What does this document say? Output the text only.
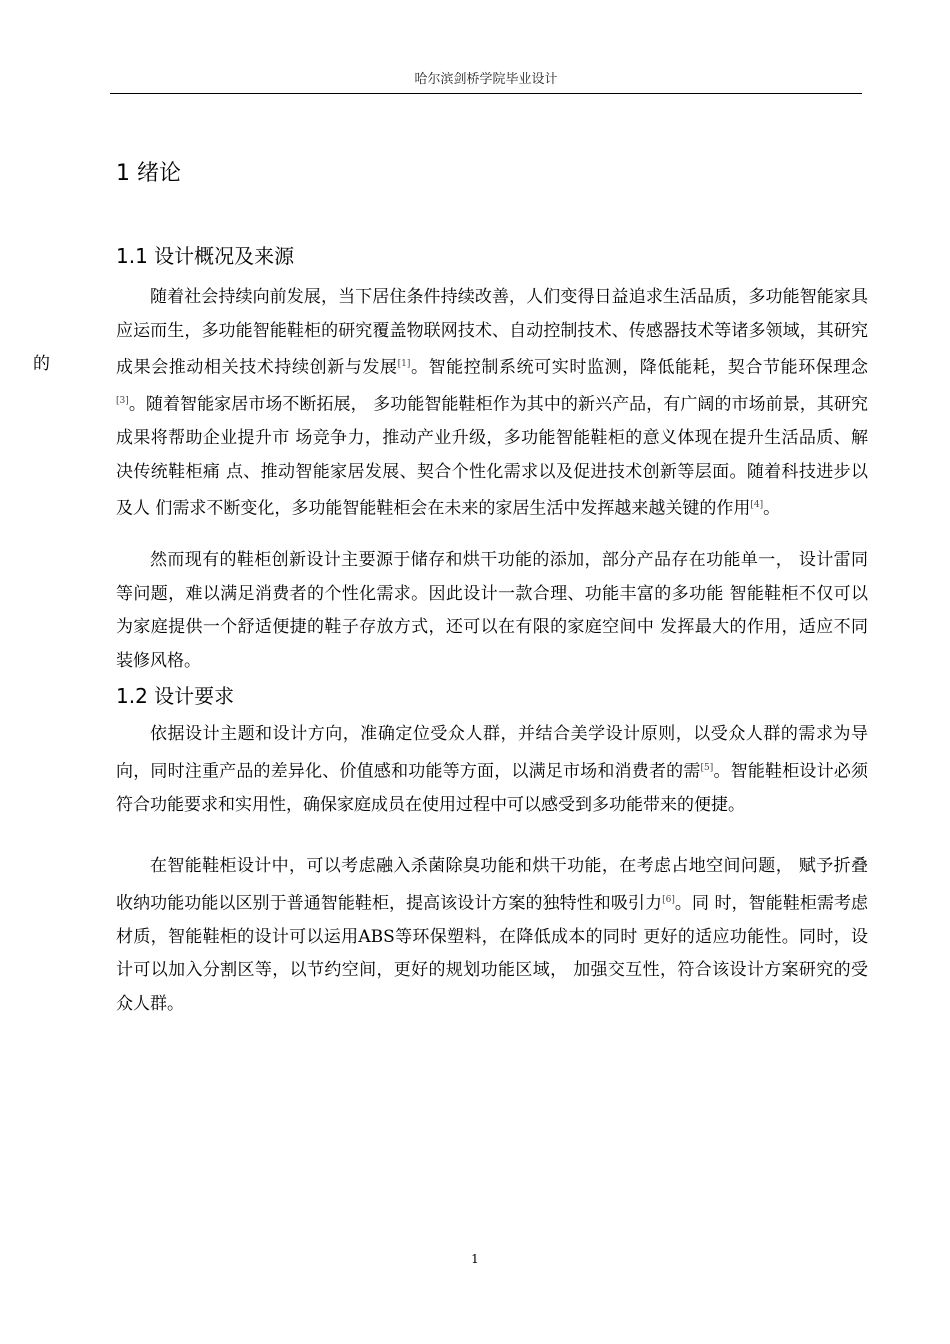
哈尔滨剑桥学院毕业设计
1 绪论
1.1 设计概况及来源
的

随着社会持续向前发展，当下居住条件持续改善，人们变得日益追求生活品质，多功能智能家具应运而生，多功能智能鞋柜的研究覆盖物联网技术、自动控制技术、传感器技术等诸多领域，其研究成果会推动相关技术持续创新与发展[1]。智能控制系统可实时监测，降低能耗，契合节能环保理念[3]。随着智能家居市场不断拓展， 多功能智能鞋柜作为其中的新兴产品，有广阔的市场前景，其研究成果将帮助企业提升市 场竞争力，推动产业升级，多功能智能鞋柜的意义体现在提升生活品质、解决传统鞋柜痛 点、推动智能家居发展、契合个性化需求以及促进技术创新等层面。随着科技进步以及人 们需求不断变化，多功能智能鞋柜会在未来的家居生活中发挥越来越关键的作用[4]。

然而现有的鞋柜创新设计主要源于储存和烘干功能的添加，部分产品存在功能单一， 设计雷同等问题，难以满足消费者的个性化需求。因此设计一款合理、功能丰富的多功能 智能鞋柜不仅可以为家庭提供一个舒适便捷的鞋子存放方式，还可以在有限的家庭空间中 发挥最大的作用，适应不同装修风格。

1.2 设计要求

依据设计主题和设计方向，准确定位受众人群，并结合美学设计原则，以受众人群的需求为导向，同时注重产品的差异化、价值感和功能等方面，以满足市场和消费者的需[5]。智能鞋柜设计必须符合功能要求和实用性，确保家庭成员在使用过程中可以感受到多功能带来的便捷。

在智能鞋柜设计中，可以考虑融入杀菌除臭功能和烘干功能，在考虑占地空间问题， 赋予折叠收纳功能功能以区别于普通智能鞋柜，提高该设计方案的独特性和吸引力[6]。同 时，智能鞋柜需考虑材质，智能鞋柜的设计可以运用ABS等环保塑料，在降低成本的同时 更好的适应功能性。同时，设计可以加入分割区等，以节约空间，更好的规划功能区域， 加强交互性，符合该设计方案研究的受众人群。

1
